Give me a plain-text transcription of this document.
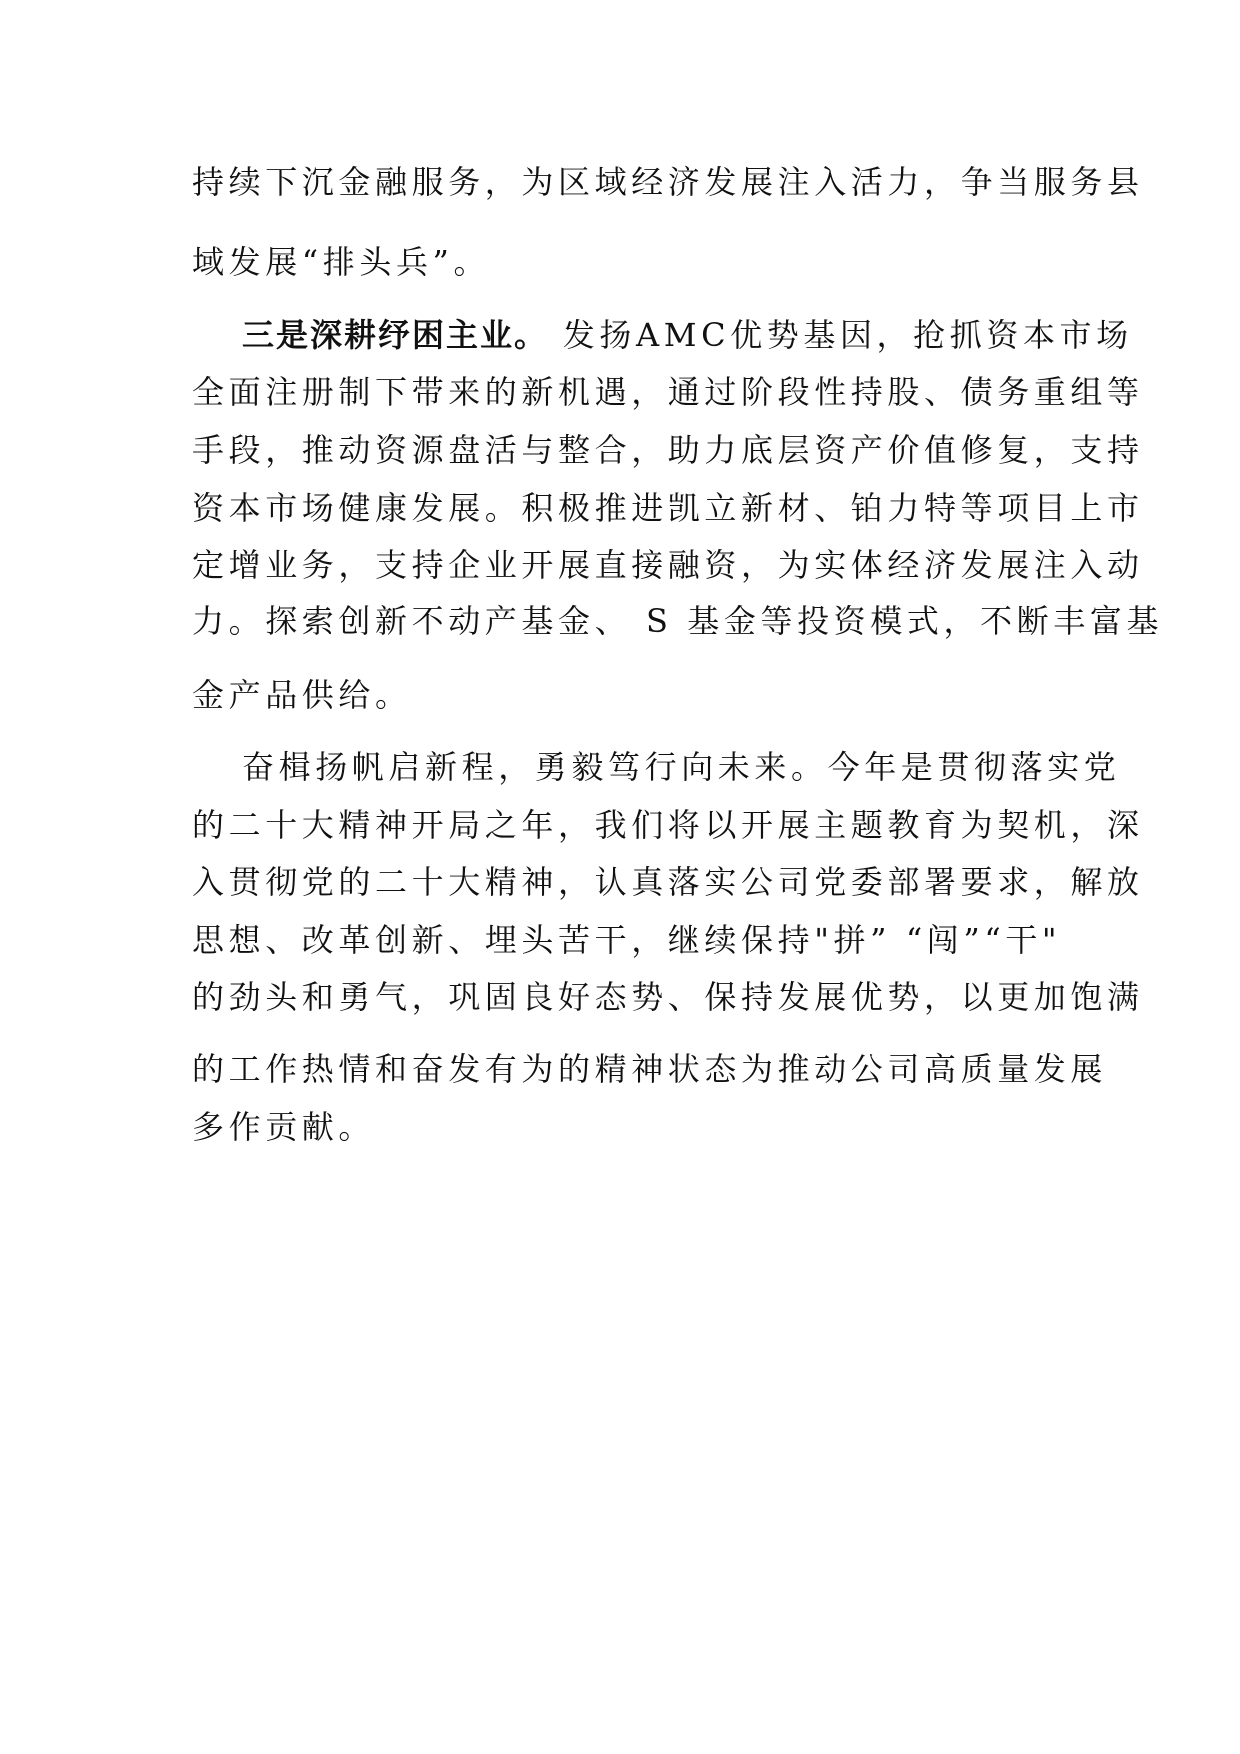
持续下沉金融服务，为区域经济发展注入活力，争当服务县
域发展“排头兵”。
三是深耕纾困主业。 发扬AMC优势基因，抢抓资本市场
全面注册制下带来的新机遇，通过阶段性持股、债务重组等
手段，推动资源盘活与整合，助力底层资产价值修复，支持
资本市场健康发展。积极推进凯立新材、铂力特等项目上市
定增业务，支持企业开展直接融资，为实体经济发展注入动
力。探索创新不动产基金、 S 基金等投资模式，不断丰富基
金产品供给。
奋楫扬帆启新程，勇毅笃行向未来。今年是贯彻落实党
的二十大精神开局之年，我们将以开展主题教育为契机，深
入贯彻党的二十大精神，认真落实公司党委部署要求，解放
思想、改革创新、埋头苦干，继续保持"拼” “闯”“干"
的劲头和勇气，巩固良好态势、保持发展优势，以更加饱满
的工作热情和奋发有为的精神状态为推动公司高质量发展
多作贡献。
